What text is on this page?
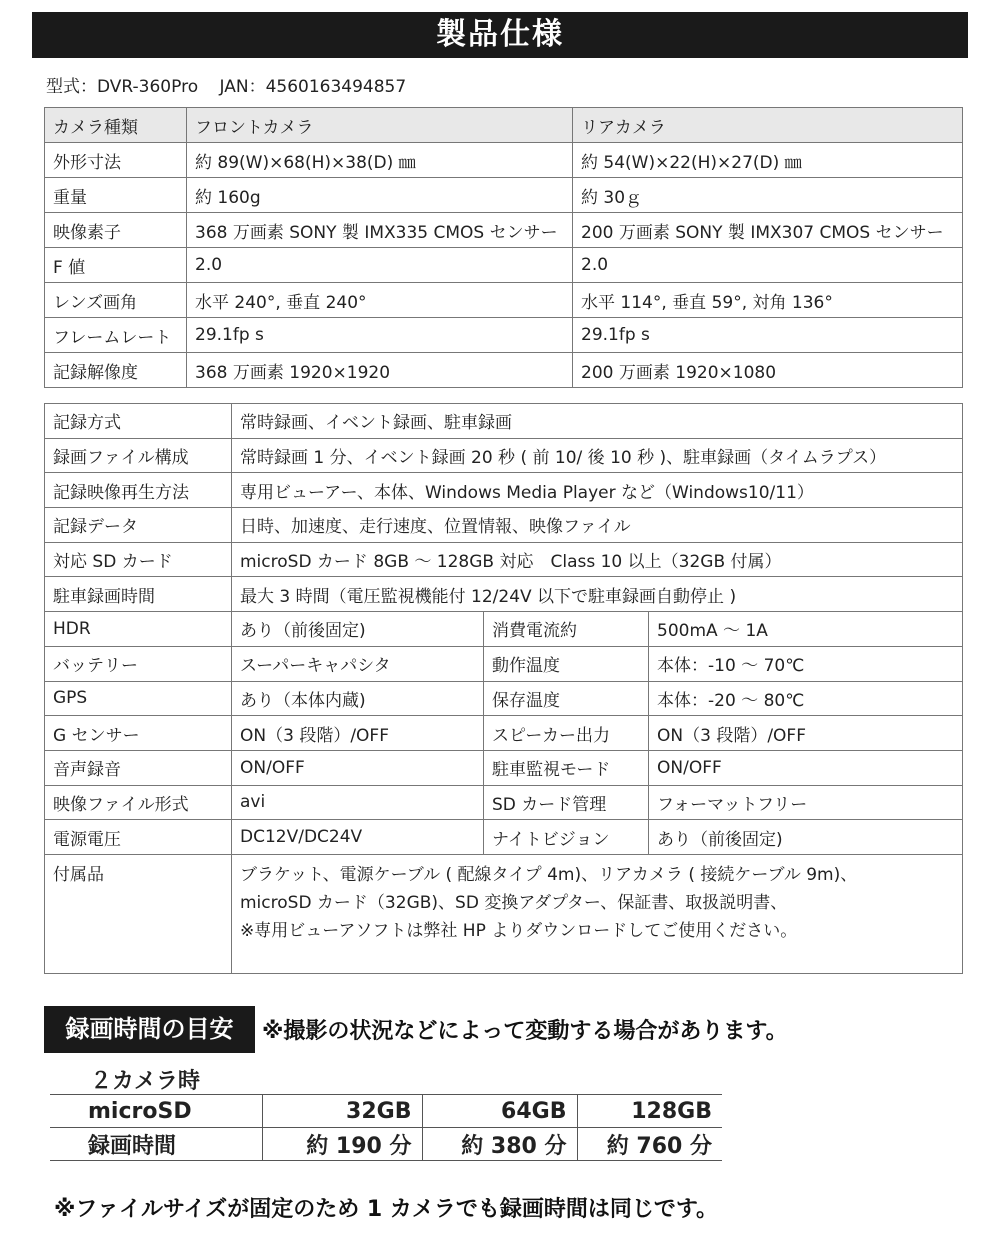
製品仕様
型式：DVR-360Pro JAN：4560163494857
カメラ種類	フロントカメラ	リアカメラ
外形寸法	約 89(W)×68(H)×38(D) ㎜	約 54(W)×22(H)×27(D) ㎜
重量	約 160g	約 30ｇ
映像素子	368 万画素 SONY 製 IMX335 CMOS センサー	200 万画素 SONY 製 IMX307 CMOS センサー
F 値	2.0	2.0
レンズ画角	水平 240°, 垂直 240°	水平 114°, 垂直 59°, 対角 136°
フレームレート	29.1fp s	29.1fp s
記録解像度	368 万画素 1920×1920	200 万画素 1920×1080
記録方式	常時録画、イベント録画、駐車録画		
録画ファイル構成	常時録画 1 分、イベント録画 20 秒 ( 前 10/ 後 10 秒 )、駐車録画（タイムラプス）		
記録映像再生方法	専用ビューアー、本体、Windows Media Player など（Windows10/11）		
記録データ	日時、加速度、走行速度、位置情報、映像ファイル		
対応 SD カード	microSD カード 8GB ～ 128GB 対応　Class 10 以上（32GB 付属）		
駐車録画時間	最大 3 時間（電圧監視機能付 12/24V 以下で駐車録画自動停止 )		
HDR	あり（前後固定)	消費電流約	500mA ～ 1A
バッテリー	スーパーキャパシタ	動作温度	本体：-10 ～ 70℃
GPS	あり（本体内蔵)	保存温度	本体：-20 ～ 80℃
G センサー	ON（3 段階）/OFF	スピーカー出力	ON（3 段階）/OFF
音声録音	ON/OFF	駐車監視モード	ON/OFF
映像ファイル形式	avi	SD カード管理	フォーマットフリー
電源電圧	DC12V/DC24V	ナイトビジョン	あり（前後固定)
付属品	ブラケット、電源ケーブル ( 配線タイプ 4m)、リアカメラ ( 接続ケーブル 9m)、
microSD カード（32GB)、SD 変換アダプター、保証書、取扱説明書、
※専用ビューアソフトは弊社 HP よりダウンロードしてご使用ください。		
録画時間の目安	※撮影の状況などによって変動する場合があります。
２カメラ時
microSD	32GB	64GB	128GB
録画時間	約 190 分	約 380 分	約 760 分
※ファイルサイズが固定のため 1 カメラでも録画時間は同じです。
